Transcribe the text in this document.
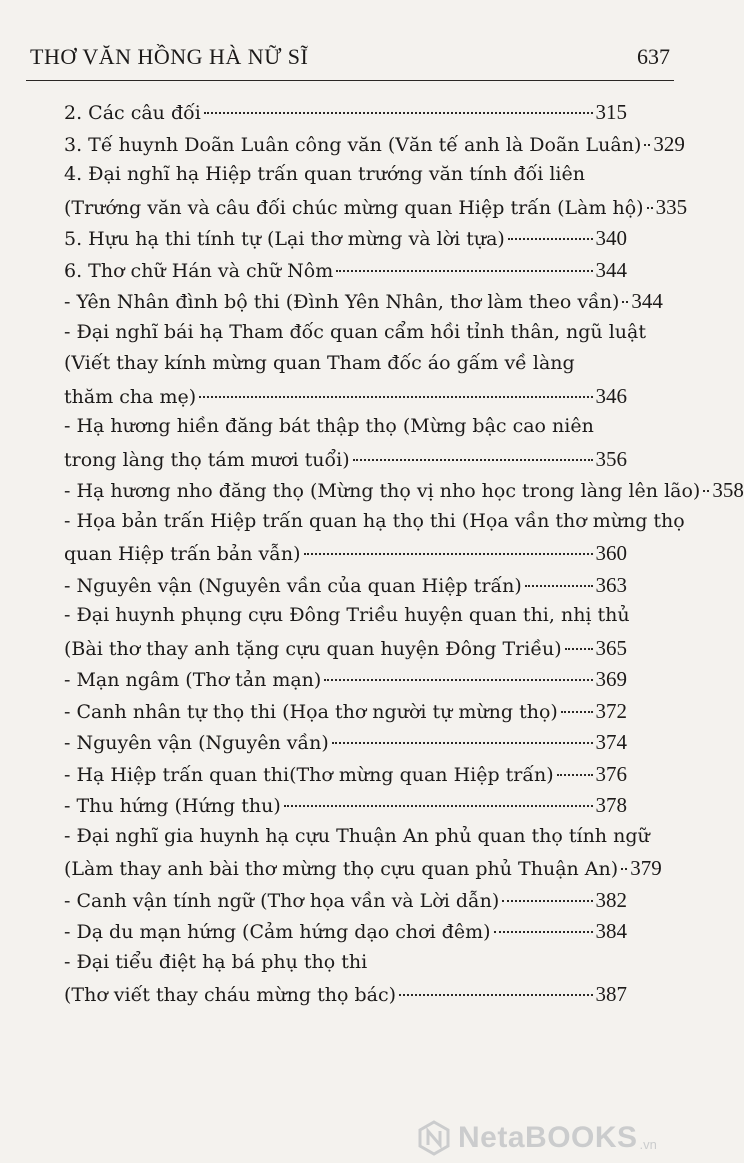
THƠ VĂN HỒNG HÀ NỮ SĨ	637
2. Các câu đối	315
3. Tế huynh Doãn Luân công văn (Văn tế anh là Doãn Luân) 329
4. Đại nghĩ hạ Hiệp trấn quan trướng văn tính đối liên
(Trướng văn và câu đối chúc mừng quan Hiệp trấn (Làm hộ) 335
5. Hựu hạ thi tính tự (Lại thơ mừng và lời tựa)	340
6. Thơ chữ Hán và chữ Nôm	344
- Yên Nhân đình bộ thi (Đình Yên Nhân, thơ làm theo vần) 344
- Đại nghĩ bái hạ Tham đốc quan cẩm hồi tỉnh thân, ngũ luật
(Viết thay kính mừng quan Tham đốc áo gấm về làng
thăm cha mẹ)	346
- Hạ hương hiền đăng bát thập thọ (Mừng bậc cao niên
trong làng thọ tám mươi tuổi)	356
- Hạ hương nho đăng thọ (Mừng thọ vị nho học trong làng lên lão) 358
- Họa bản trấn Hiệp trấn quan hạ thọ thi (Họa vần thơ mừng thọ
quan Hiệp trấn bản vẫn)	360
- Nguyên vận (Nguyên vần của quan Hiệp trấn)	363
- Đại huynh phụng cựu Đông Triều huyện quan thi, nhị thủ
(Bài thơ thay anh tặng cựu quan huyện Đông Triều) 365
- Mạn ngâm (Thơ tản mạn)	369
- Canh nhân tự thọ thi (Họa thơ người tự mừng thọ) 372
- Nguyên vận (Nguyên vần)	374
- Hạ Hiệp trấn quan thi(Thơ mừng quan Hiệp trấn) 376
- Thu hứng (Hứng thu)	378
- Đại nghĩ gia huynh hạ cựu Thuận An phủ quan thọ tính ngữ
(Làm thay anh bài thơ mừng thọ cựu quan phủ Thuận An) 379
- Canh vận tính ngữ (Thơ họa vần và Lời dẫn)	382
- Dạ du mạn hứng (Cảm hứng dạo chơi đêm)	384
- Đại tiểu điệt hạ bá phụ thọ thi
(Thơ viết thay cháu mừng thọ bác)	387
NetaBOOKS .vn
